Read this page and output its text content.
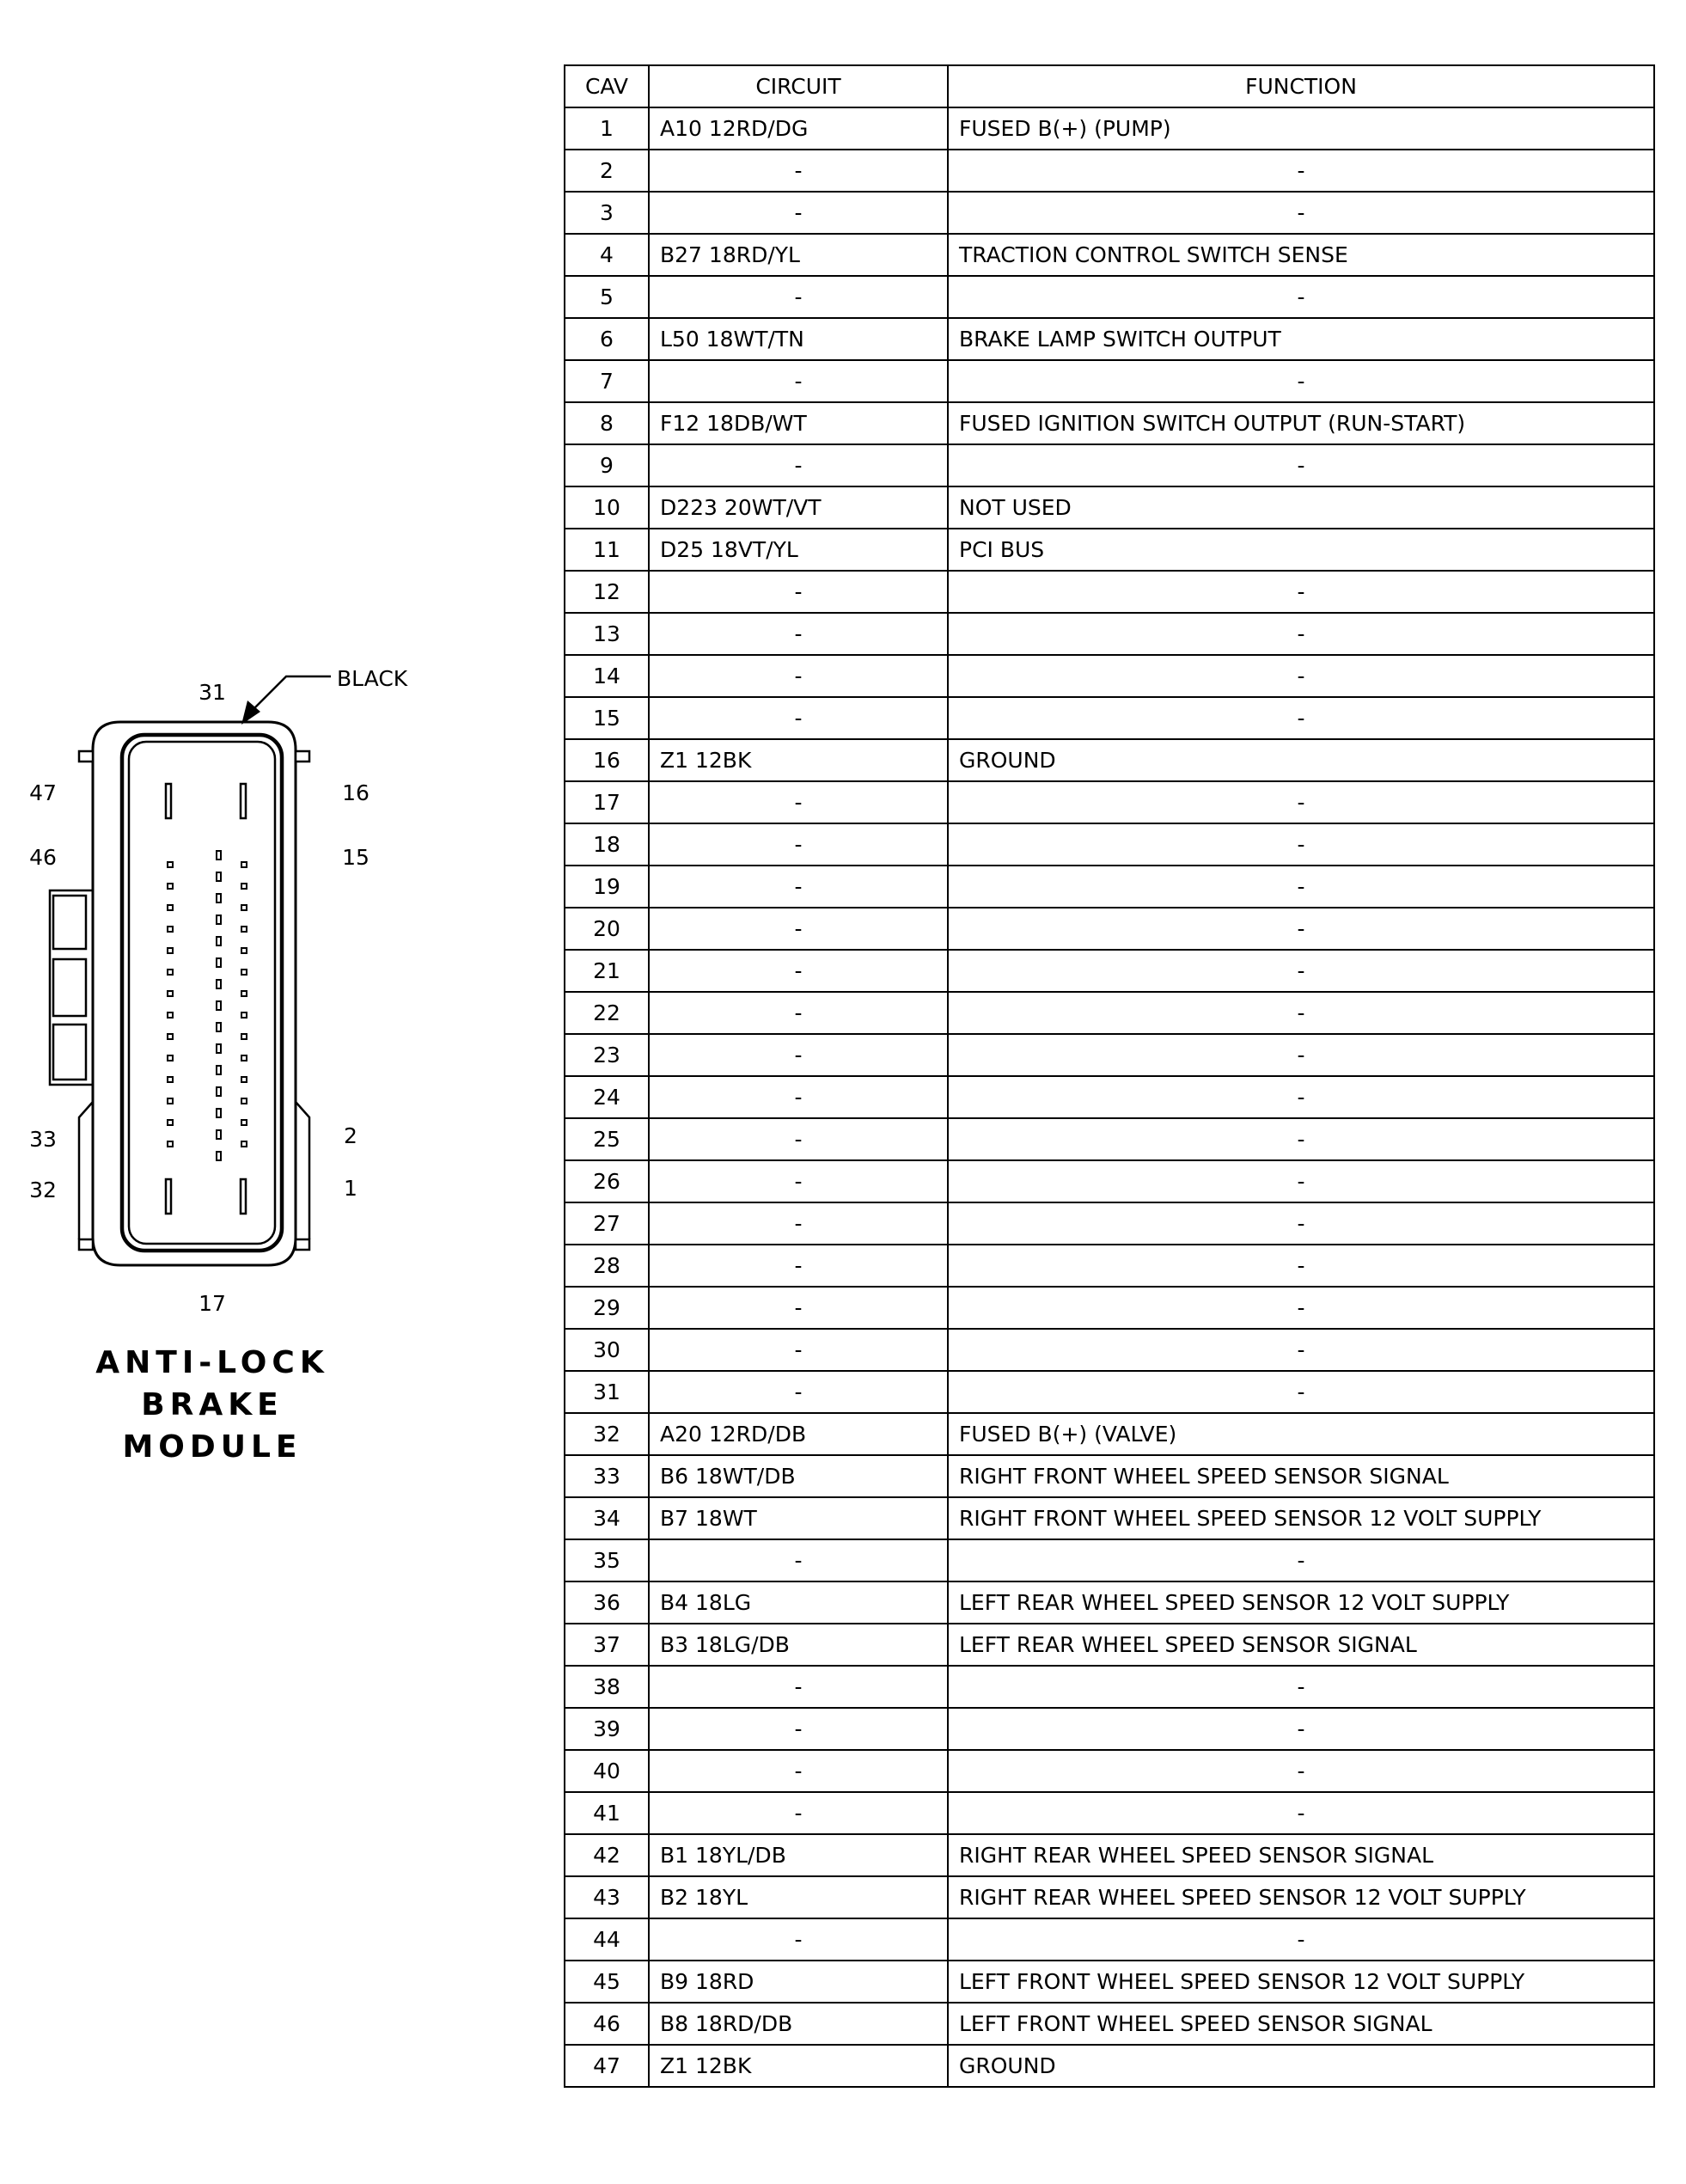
31
BLACK
47
46
33
32
16
15
2
1
17
ANTI-LOCK
BRAKE
MODULE
CAV	CIRCUIT	FUNCTION
1	A10 12RD/DG	FUSED B(+) (PUMP)
2	-	-
3	-	-
4	B27 18RD/YL	TRACTION CONTROL SWITCH SENSE
5	-	-
6	L50 18WT/TN	BRAKE LAMP SWITCH OUTPUT
7	-	-
8	F12 18DB/WT	FUSED IGNITION SWITCH OUTPUT (RUN-START)
9	-	-
10	D223 20WT/VT	NOT USED
11	D25 18VT/YL	PCI BUS
12	-	-
13	-	-
14	-	-
15	-	-
16	Z1 12BK	GROUND
17	-	-
18	-	-
19	-	-
20	-	-
21	-	-
22	-	-
23	-	-
24	-	-
25	-	-
26	-	-
27	-	-
28	-	-
29	-	-
30	-	-
31	-	-
32	A20 12RD/DB	FUSED B(+) (VALVE)
33	B6 18WT/DB	RIGHT FRONT WHEEL SPEED SENSOR SIGNAL
34	B7 18WT	RIGHT FRONT WHEEL SPEED SENSOR 12 VOLT SUPPLY
35	-	-
36	B4 18LG	LEFT REAR WHEEL SPEED SENSOR 12 VOLT SUPPLY
37	B3 18LG/DB	LEFT REAR WHEEL SPEED SENSOR SIGNAL
38	-	-
39	-	-
40	-	-
41	-	-
42	B1 18YL/DB	RIGHT REAR WHEEL SPEED SENSOR SIGNAL
43	B2 18YL	RIGHT REAR WHEEL SPEED SENSOR 12 VOLT SUPPLY
44	-	-
45	B9 18RD	LEFT FRONT WHEEL SPEED SENSOR 12 VOLT SUPPLY
46	B8 18RD/DB	LEFT FRONT WHEEL SPEED SENSOR SIGNAL
47	Z1 12BK	GROUND
